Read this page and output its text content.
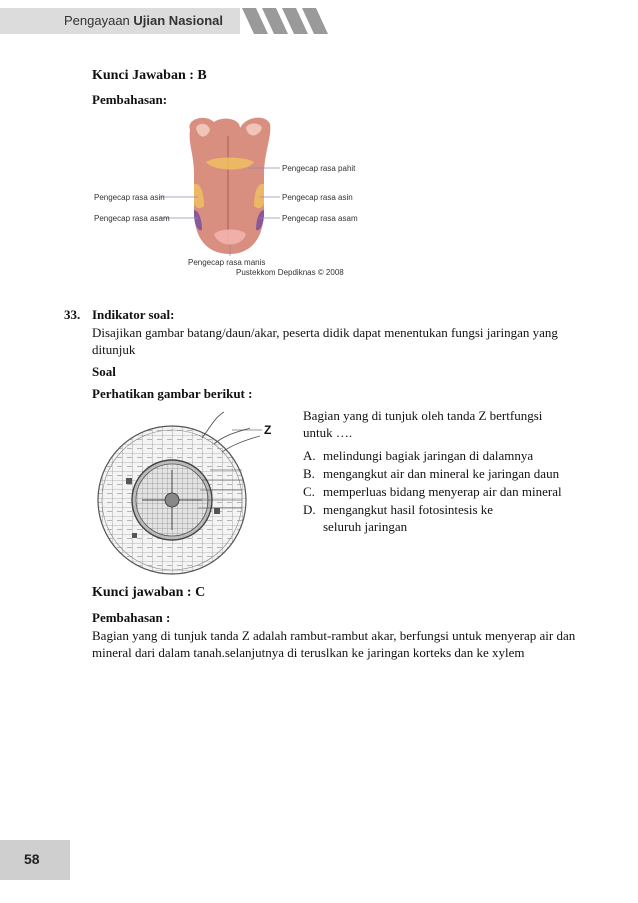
Pengayaan Ujian Nasional
Kunci Jawaban : B
Pembahasan:
Pengecap rasa pahit
Pengecap rasa asin	Pengecap rasa asin
Pengecap rasa asam	Pengecap rasa asam
Pengecap rasa manis
Pustekkom Depdiknas © 2008
33. Indikator soal:
Disajikan gambar batang/daun/akar, peserta didik dapat menentukan fungsi jaringan yang
ditunjuk
Soal
Perhatikan gambar berikut :
Z
Bagian yang di tunjuk oleh tanda Z bertfungsi
untuk ….
A. melindungi bagiak jaringan di dalamnya
B. mengangkut air dan mineral ke jaringan daun
C. memperluas bidang menyerap air dan mineral
D. mengangkut hasil fotosintesis ke seluruh jaringan
Kunci jawaban : C
Pembahasan :
Bagian yang di tunjuk tanda Z adalah rambut-rambut akar, berfungsi untuk menyerap air dan
mineral dari dalam tanah.selanjutnya di teruslkan ke jaringan korteks dan ke xylem
58
